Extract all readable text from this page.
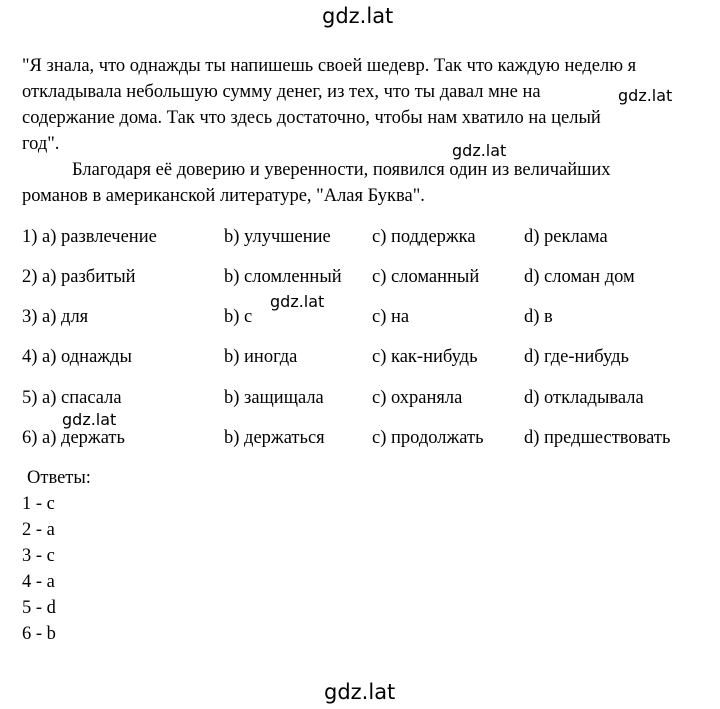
gdz.lat
gdz.lat
gdz.lat
gdz.lat
gdz.lat
gdz.lat
"Я знала, что однажды ты напишешь своей шедевр. Так что каждую неделю я
откладывала небольшую сумму денег, из тех, что ты давал мне на
содержание дома. Так что здесь достаточно, чтобы нам хватило на целый
год".
Благодаря её доверию и уверенности, появился один из величайших
романов в американской литературе, "Алая Буква".
1) a) развлечение	b) улучшение c) поддержка	d) реклама
2) a) разбитый	b) сломленный c) сломанный d) сломан дом
3) a) для	b) с	c) на	d) в
4) a) однажды	b) иногда	c) как-нибудь	d) где-нибудь
5) a) спасала	b) защищала	c) охраняла	d) откладывала
6) a) держать	b) держаться	c) продолжать d) предшествовать
Ответы:
1 - c
2 - a
3 - c
4 - a
5 - d
6 - b
